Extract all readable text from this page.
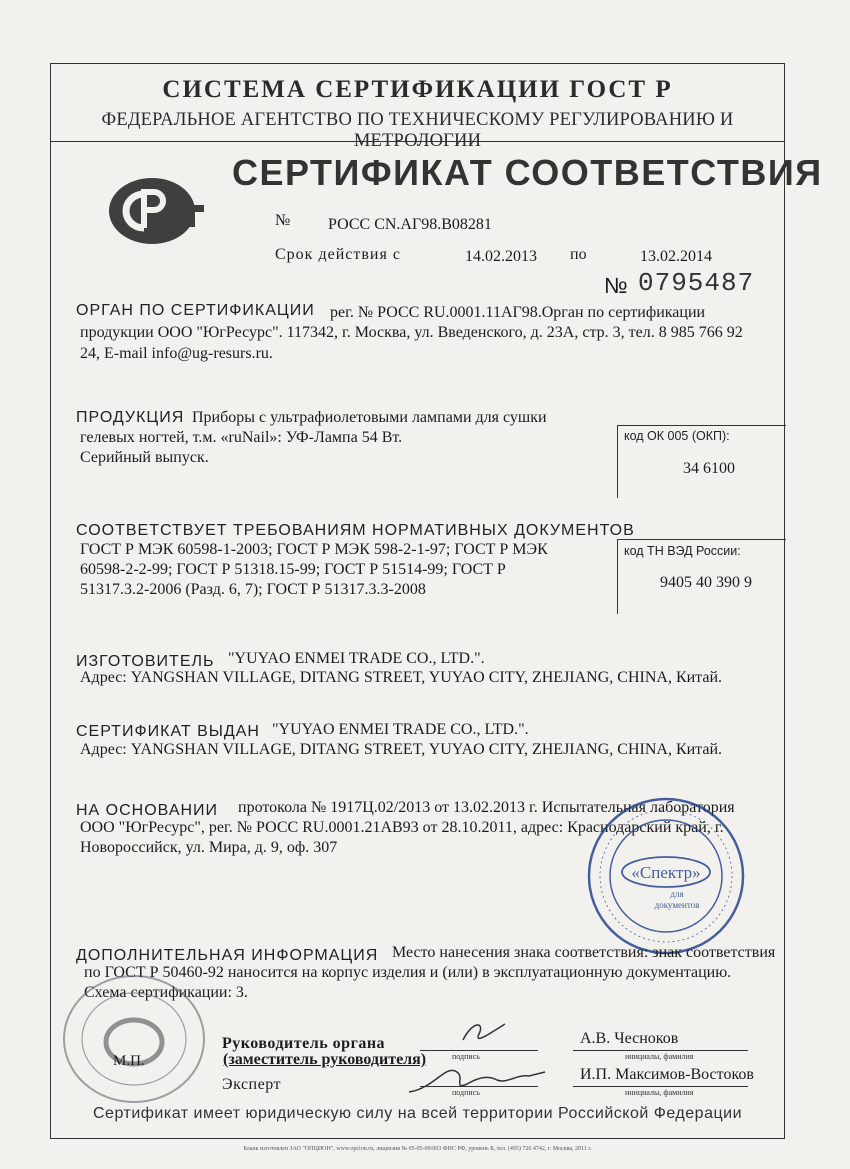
СИСТЕМА СЕРТИФИКАЦИИ ГОСТ Р
ФЕДЕРАЛЬНОЕ АГЕНТСТВО ПО ТЕХНИЧЕСКОМУ РЕГУЛИРОВАНИЮ И МЕТРОЛОГИИ
СЕРТИФИКАТ СООТВЕТСТВИЯ
№ РОСС CN.АГ98.В08281
Срок действия с	14.02.2013 по	13.02.2014
№ 0795487
ОРГАН ПО СЕРТИФИКАЦИИ рег. № РОСС RU.0001.11АГ98.Орган по сертификации
продукции ООО "ЮгРесурс". 117342, г. Москва, ул. Введенского, д. 23А, стр. 3, тел. 8 985 766 92
24, E-mail info@ug-resurs.ru.
ПРОДУКЦИЯ Приборы с ультрафиолетовыми лампами для сушки
гелевых ногтей, т.м. «ruNail»: УФ-Лампа 54 Вт.
Серийный выпуск.
код ОК 005 (ОКП):
34 6100
СООТВЕТСТВУЕТ ТРЕБОВАНИЯМ НОРМАТИВНЫХ ДОКУМЕНТОВ
ГОСТ Р МЭК 60598-1-2003; ГОСТ Р МЭК 598-2-1-97; ГОСТ Р МЭК
60598-2-2-99; ГОСТ Р 51318.15-99; ГОСТ Р 51514-99; ГОСТ Р
51317.3.2-2006 (Разд. 6, 7); ГОСТ Р 51317.3.3-2008
код ТН ВЭД России:
9405 40 390 9
ИЗГОТОВИТЕЛЬ "YUYAO ENMEI TRADE CO., LTD.".
Адрес: YANGSHAN VILLAGE, DITANG STREET, YUYAO CITY, ZHEJIANG, CHINA, Китай.
СЕРТИФИКАТ ВЫДАН "YUYAO ENMEI TRADE CO., LTD.".
Адрес: YANGSHAN VILLAGE, DITANG STREET, YUYAO CITY, ZHEJIANG, CHINA, Китай.
НА ОСНОВАНИИ протокола № 1917Ц.02/2013 от 13.02.2013 г. Испытательная лаборатория
ООО "ЮгРесурс", рег. № РОСС RU.0001.21АВ93 от 28.10.2011, адрес: Краснодарский край, г.
Новороссийск, ул. Мира, д. 9, оф. 307
«Спектр»
для
документов
ДОПОЛНИТЕЛЬНАЯ ИНФОРМАЦИЯ Место нанесения знака соответствия: знак соответствия
по ГОСТ Р 50460-92 наносится на корпус изделия и (или) в эксплуатационную документацию.
Схема сертификации: 3.
М.П.
Руководитель органа
(заместитель руководителя)	подпись
А.В. Чесноков
инициалы, фамилия
Эксперт	подпись
И.П. Максимов-Востоков
инициалы, фамилия
Сертификат имеет юридическую силу на всей территории Российской Федерации
Бланк изготовлен ЗАО "ОПЦИОН", www.opcion.ru, лицензия № 05-05-09/003 ФНС РФ, уровень Б, тел. (495) 726 4742, г. Москва, 2011 г.
